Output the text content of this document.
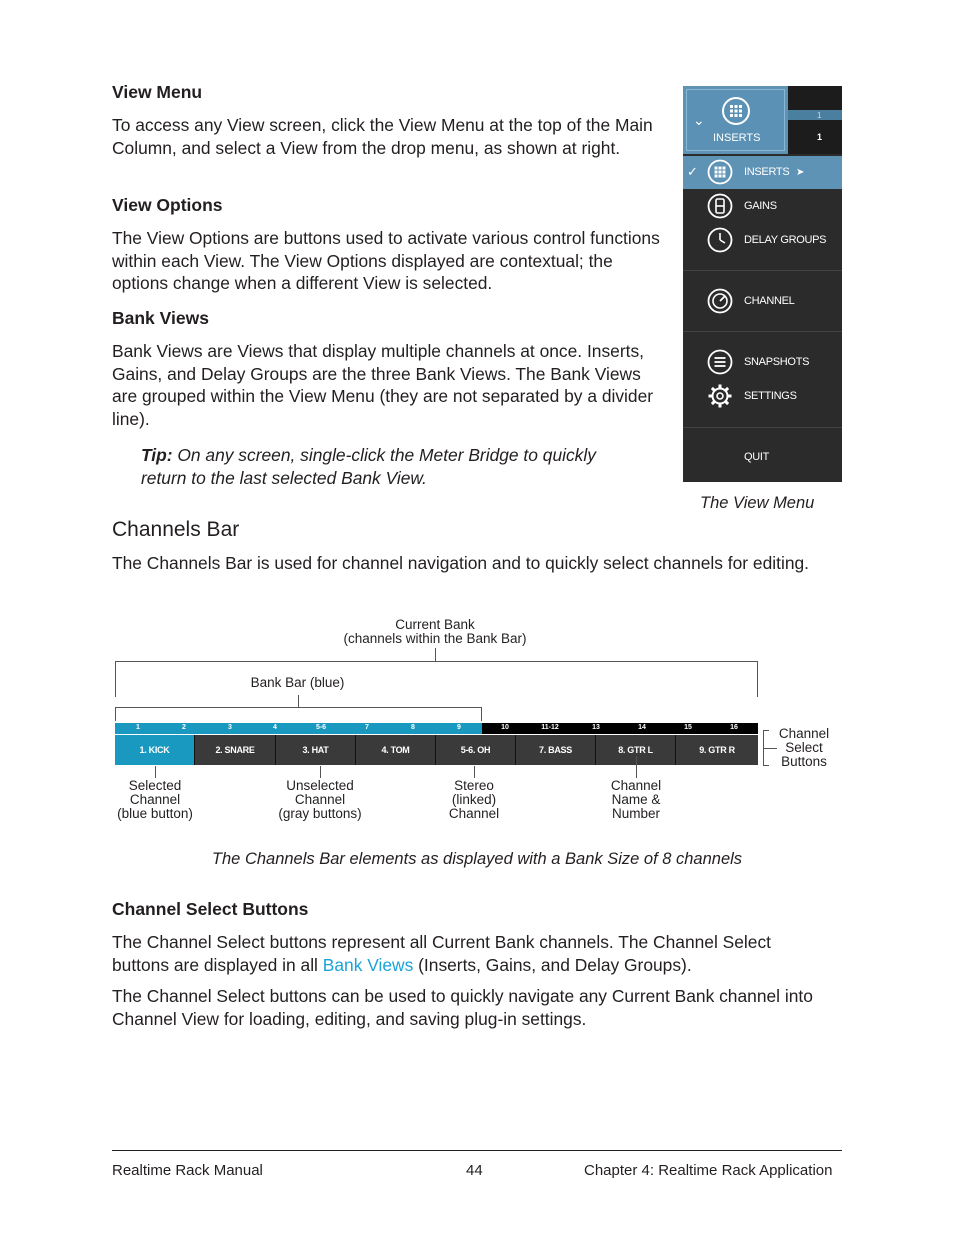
View Menu
To access any View screen, click the View Menu at the top of the Main Column, and select a View from the drop menu, as shown at right.
View Options
The View Options are buttons used to activate various control functions within each View. The View Options displayed are contextual; the options change when a different View is selected.
Bank Views
Bank Views are Views that display multiple channels at once. Inserts, Gains, and Delay Groups are the three Bank Views. The Bank Views are grouped within the View Menu (they are not separated by a divider line).
Tip: On any screen, single-click the Meter Bridge to quickly return to the last selected Bank View.
⌄
INSERTS
1
1
✓	INSERTS ➤
GAINS
DELAY GROUPS
CHANNEL
SNAPSHOTS
SETTINGS
QUIT
The View Menu
Channels Bar
The Channels Bar is used for channel navigation and to quickly select channels for editing.
Current Bank
(channels within the Bank Bar)
Bank Bar (blue)
1	2	3	4	5-6	7	8	9	10	11-12	13	14	15	16
1. KICK	2. SNARE	3. HAT	4. TOM	5-6. OH	7. BASS	8. GTR L	9. GTR R
Channel
Select
Buttons
Selected
Channel
(blue button)
Unselected
Channel
(gray buttons)
Stereo
(linked)
Channel
Channel
Name &
Number
The Channels Bar elements as displayed with a Bank Size of 8 channels
Channel Select Buttons
The Channel Select buttons represent all Current Bank channels. The Channel Select buttons are displayed in all Bank Views (Inserts, Gains, and Delay Groups).
The Channel Select buttons can be used to quickly navigate any Current Bank channel into Channel View for loading, editing, and saving plug-in settings.
Realtime Rack Manual	44	Chapter 4: Realtime Rack Application
